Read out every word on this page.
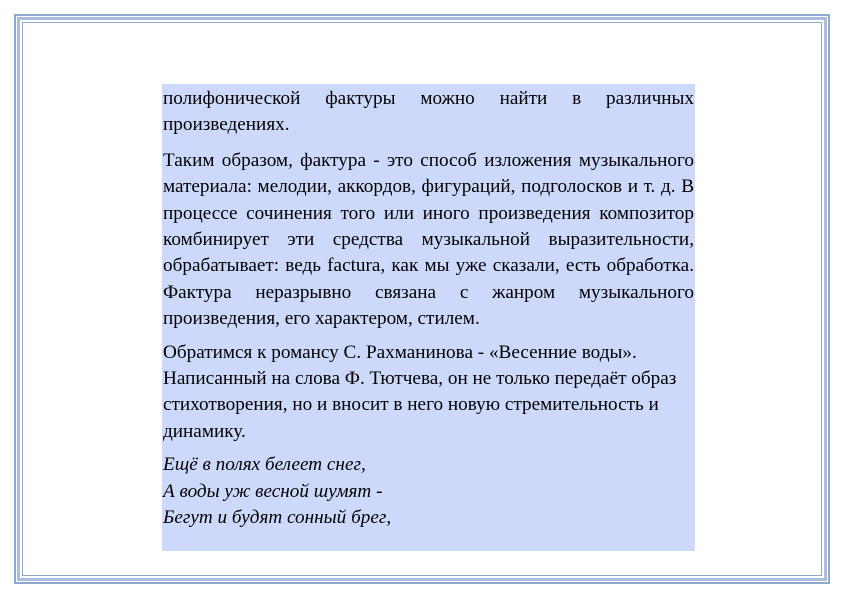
полифонической фактуры можно найти в различных произведениях.

Таким образом, фактура - это способ изложения музыкального материала: мелодии, аккордов, фигураций, подголосков и т. д. В процессе сочинения того или иного произведения композитор комбинирует эти средства музыкальной выразительности, обрабатывает: ведь factura, как мы уже сказали, есть обработка. Фактура неразрывно связана с жанром музыкального произведения, его характером, стилем.

Обратимся к романсу С. Рахманинова - «Весенние воды». Написанный на слова Ф. Тютчева, он не только передаёт образ стихотворения, но и вносит в него новую стремительность и динамику.

Ещё в полях белеет снег,
А воды уж весной шумят -
Бегут и будят сонный брег,
